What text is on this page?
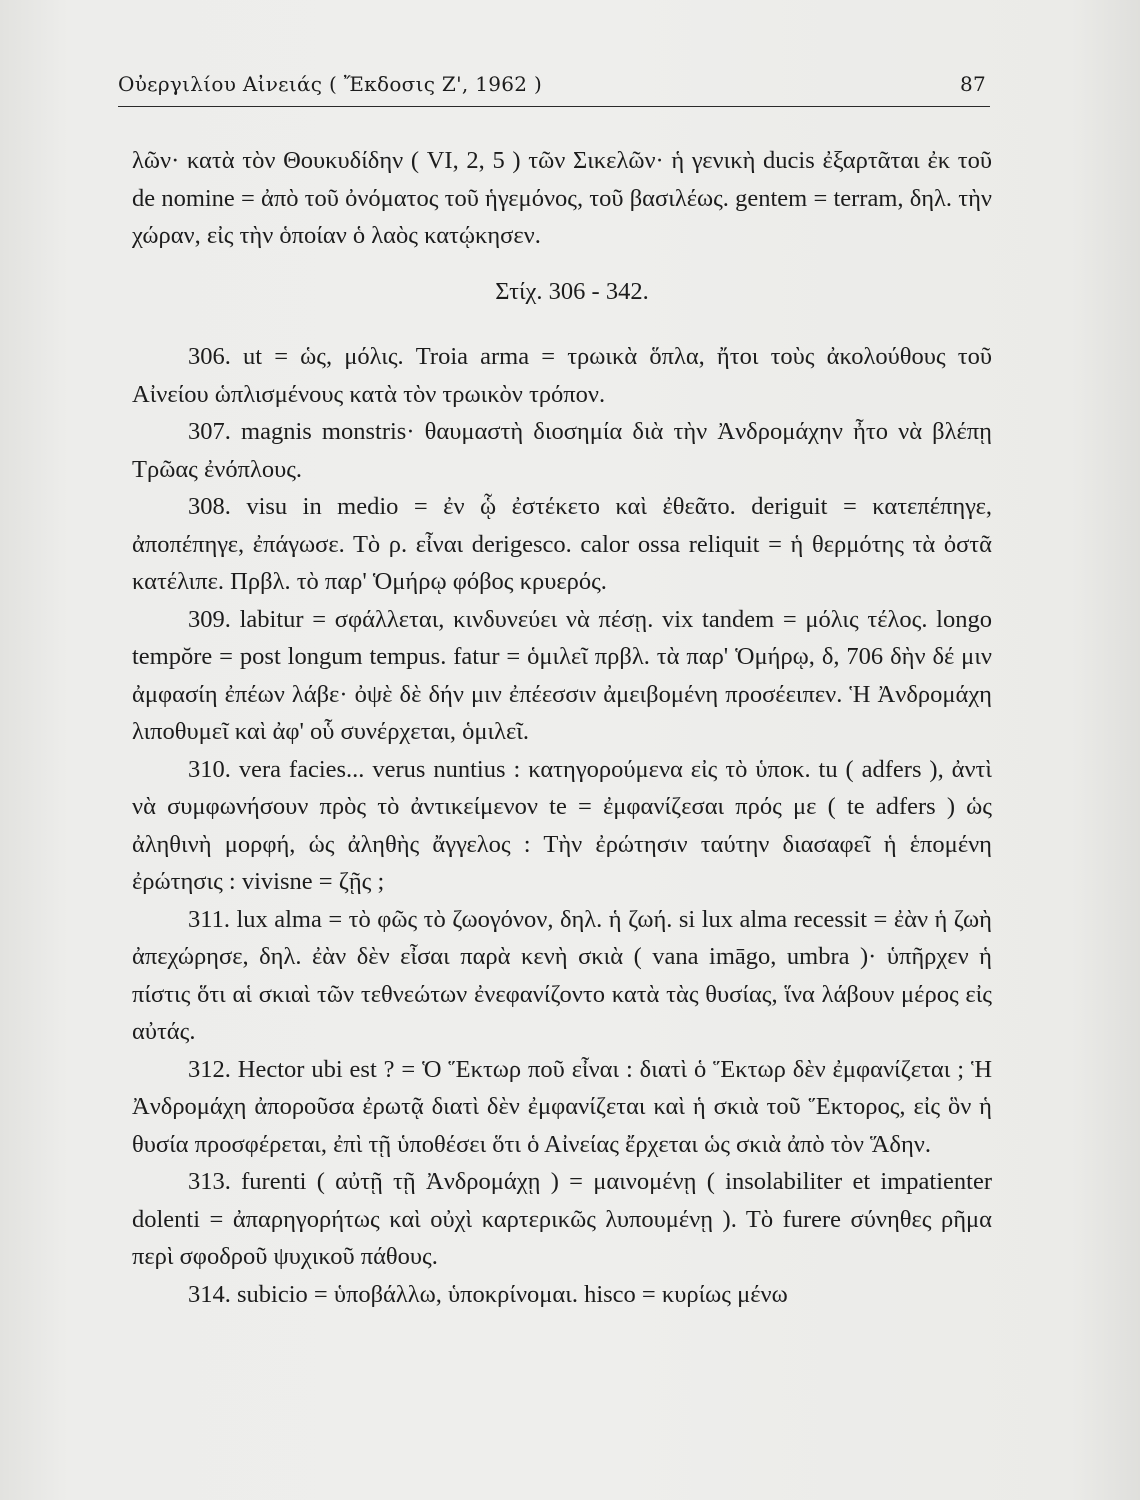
Οὐεργιλίου Αἰνειάς ( Ἔκδοσις Ζ', 1962 )	87

λῶν· κατὰ τὸν Θουκυδίδην ( VI, 2, 5 ) τῶν Σικελῶν· ἡ γενικὴ ducis ἐξαρτᾶται ἐκ τοῦ de nomine = ἀπὸ τοῦ ὀνόματος τοῦ ἡγεμόνος, τοῦ βασιλέως. gentem = terram, δηλ. τὴν χώραν, εἰς τὴν ὁποίαν ὁ λαὸς κατῴκησεν.

Στίχ. 306 - 342.

306. ut = ὡς, μόλις. Troia arma = τρωικὰ ὅπλα, ἤτοι τοὺς ἀκολούθους τοῦ Αἰνείου ὡπλισμένους κατὰ τὸν τρωικὸν τρόπον.

307. magnis monstris· θαυμαστὴ διοσημία διὰ τὴν Ἀνδρομάχην ἦτο νὰ βλέπῃ Τρῶας ἐνόπλους.

308. visu in medio = ἐν ᾧ ἐστέκετο καὶ ἐθεᾶτο. deriguit = κατεπέπηγε, ἀποπέπηγε, ἐπάγωσε. Τὸ ρ. εἶναι derigesco. calor ossa reliquit = ἡ θερμότης τὰ ὀστᾶ κατέλιπε. Πρβλ. τὸ παρ' Ὁμήρῳ φόβος κρυερός.

309. labitur = σφάλλεται, κινδυνεύει νὰ πέσῃ. vix tandem = μόλις τέλος. longo tempŏre = post longum tempus. fatur = ὁμιλεῖ πρβλ. τὰ παρ' Ὁμήρῳ, δ, 706 δὴν δέ μιν ἀμφασίη ἐπέων λάβε· ὀψὲ δὲ δήν μιν ἐπέεσσιν ἀμειβομένη προσέειπεν. Ἡ Ἀνδρομάχη λιποθυμεῖ καὶ ἀφ' οὗ συνέρχεται, ὁμιλεῖ.

310. vera facies... verus nuntius : κατηγορούμενα εἰς τὸ ὑποκ. tu ( adfers ), ἀντὶ νὰ συμφωνήσουν πρὸς τὸ ἀντικείμενον te = ἐμφανίζεσαι πρός με ( te adfers ) ὡς ἀληθινὴ μορφή, ὡς ἀληθὴς ἄγγελος : Τὴν ἐρώτησιν ταύτην διασαφεῖ ἡ ἑπομένη ἐρώτησις : vivisne = ζῇς ;

311. lux alma = τὸ φῶς τὸ ζωογόνον, δηλ. ἡ ζωή. si lux alma recessit = ἐὰν ἡ ζωὴ ἀπεχώρησε, δηλ. ἐὰν δὲν εἶσαι παρὰ κενὴ σκιὰ ( vana imāgo, umbra )· ὑπῆρχεν ἡ πίστις ὅτι αἱ σκιαὶ τῶν τεθνεώτων ἐνεφανίζοντο κατὰ τὰς θυσίας, ἵνα λάβουν μέρος εἰς αὐτάς.

312. Hector ubi est ? = Ὁ Ἕκτωρ ποῦ εἶναι : διατὶ ὁ Ἕκτωρ δὲν ἐμφανίζεται ; Ἡ Ἀνδρομάχη ἀποροῦσα ἐρωτᾷ διατὶ δὲν ἐμφανίζεται καὶ ἡ σκιὰ τοῦ Ἕκτορος, εἰς ὃν ἡ θυσία προσφέρεται, ἐπὶ τῇ ὑποθέσει ὅτι ὁ Αἰνείας ἔρχεται ὡς σκιὰ ἀπὸ τὸν Ἅδην.

313. furenti ( αὐτῇ τῇ Ἀνδρομάχῃ ) = μαινομένῃ ( insolabiliter et impatienter dolenti = ἀπαρηγορήτως καὶ οὐχὶ καρτερικῶς λυπουμένῃ ). Τὸ furere σύνηθες ρῆμα περὶ σφοδροῦ ψυχικοῦ πάθους.

314. subicio = ὑποβάλλω, ὑποκρίνομαι. hisco = κυρίως μένω
